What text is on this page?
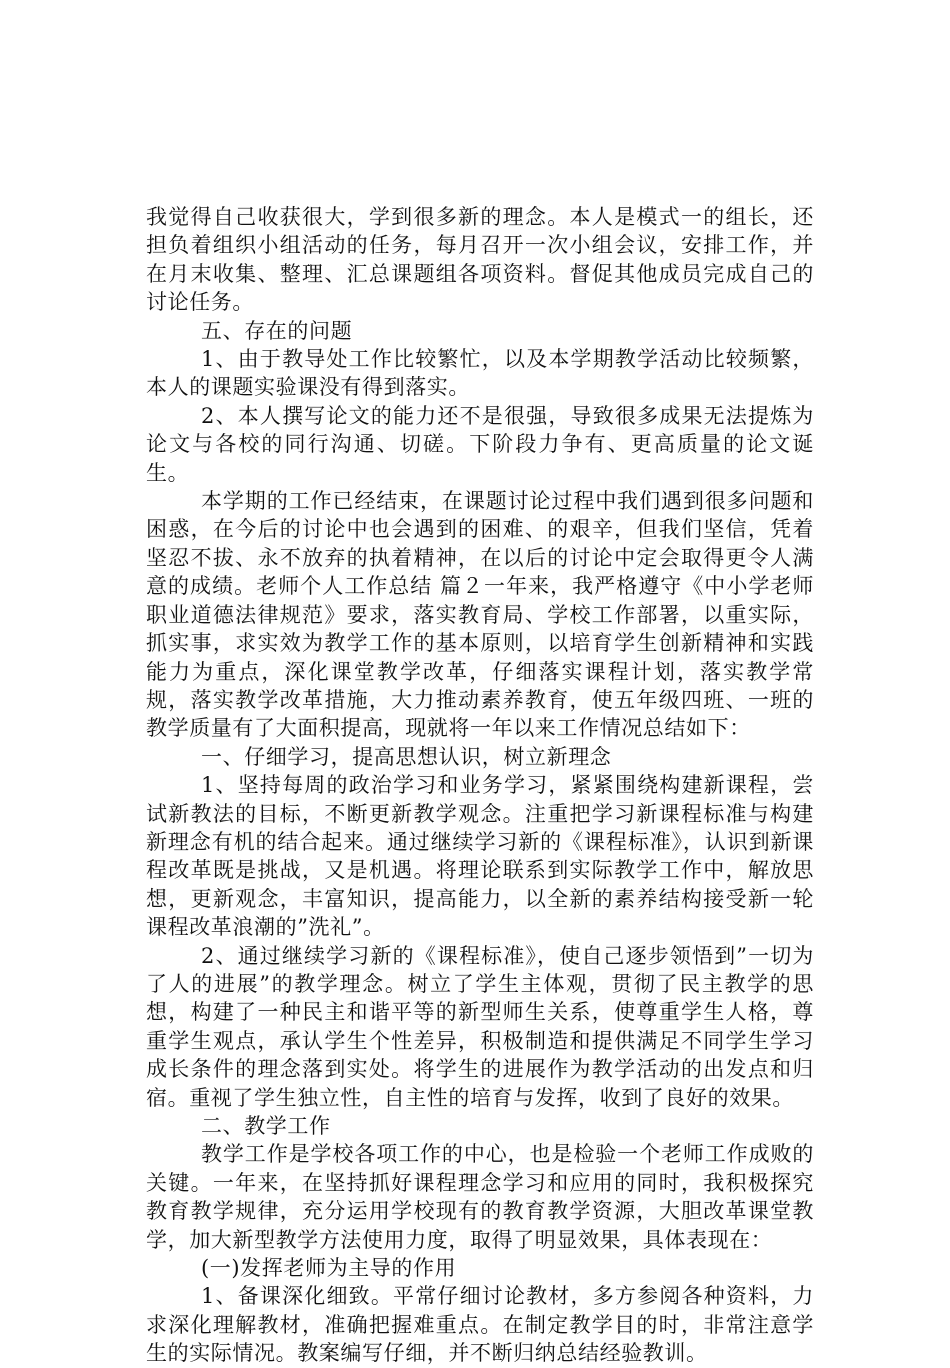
我觉得自己收获很大，学到很多新的理念。本人是模式一的组长，还担负着组织小组活动的任务，每月召开一次小组会议，安排工作，并在月末收集、整理、汇总课题组各项资料。督促其他成员完成自己的讨论任务。

五、存在的问题

1、由于教导处工作比较繁忙，以及本学期教学活动比较频繁，本人的课题实验课没有得到落实。

2、本人撰写论文的能力还不是很强，导致很多成果无法提炼为论文与各校的同行沟通、切磋。下阶段力争有、更高质量的论文诞生。

本学期的工作已经结束，在课题讨论过程中我们遇到很多问题和困惑，在今后的讨论中也会遇到的困难、的艰辛，但我们坚信，凭着坚忍不拔、永不放弃的执着精神，在以后的讨论中定会取得更令人满意的成绩。老师个人工作总结 篇２一年来，我严格遵守《中小学老师职业道德法律规范》要求，落实教育局、学校工作部署，以重实际，抓实事，求实效为教学工作的基本原则，以培育学生创新精神和实践能力为重点，深化课堂教学改革，仔细落实课程计划，落实教学常规，落实教学改革措施，大力推动素养教育，使五年级四班、一班的教学质量有了大面积提高，现就将一年以来工作情况总结如下：

一、仔细学习，提高思想认识，树立新理念

1、坚持每周的政治学习和业务学习，紧紧围绕构建新课程，尝试新教法的目标，不断更新教学观念。注重把学习新课程标准与构建新理念有机的结合起来。通过继续学习新的《课程标准》，认识到新课程改革既是挑战，又是机遇。将理论联系到实际教学工作中，解放思想，更新观念，丰富知识，提高能力，以全新的素养结构接受新一轮课程改革浪潮的”洗礼”。

2、通过继续学习新的《课程标准》，使自己逐步领悟到”一切为了人的进展”的教学理念。树立了学生主体观，贯彻了民主教学的思想，构建了一种民主和谐平等的新型师生关系，使尊重学生人格，尊重学生观点，承认学生个性差异，积极制造和提供满足不同学生学习成长条件的理念落到实处。将学生的进展作为教学活动的出发点和归宿。重视了学生独立性，自主性的培育与发挥，收到了良好的效果。

二、教学工作

教学工作是学校各项工作的中心，也是检验一个老师工作成败的关键。一年来，在坚持抓好课程理念学习和应用的同时，我积极探究教育教学规律，充分运用学校现有的教育教学资源，大胆改革课堂教学，加大新型教学方法使用力度，取得了明显效果，具体表现在：

(一)发挥老师为主导的作用

1、备课深化细致。平常仔细讨论教材，多方参阅各种资料，力求深化理解教材，准确把握难重点。在制定教学目的时，非常注意学生的实际情况。教案编写仔细，并不断归纳总结经验教训。
